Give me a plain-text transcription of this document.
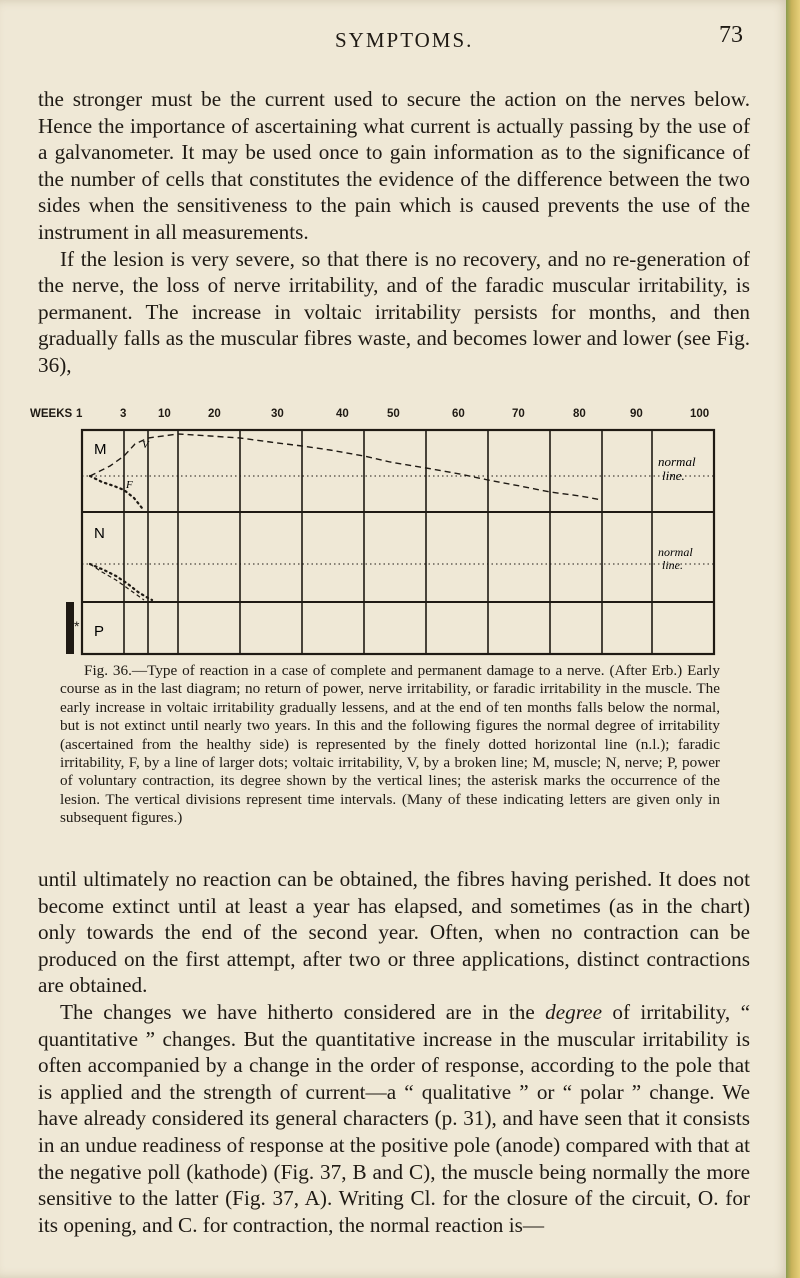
SYMPTOMS.	73

the stronger must be the current used to secure the action on the nerves below. Hence the importance of ascertaining what current is actually passing by the use of a galvanometer. It may be used once to gain information as to the significance of the number of cells that constitutes the evidence of the difference between the two sides when the sensitiveness to the pain which is caused prevents the use of the instrument in all measurements.

If the lesion is very severe, so that there is no recovery, and no re-generation of the nerve, the loss of nerve irritability, and of the faradic muscular irritability, is permanent. The increase in voltaic irritability persists for months, and then gradually falls as the muscular fibres waste, and becomes lower and lower (see Fig. 36),

WEEKS 1	3	10	20	30	40	50	60	70	80	90	100
*
M
N
P
V
F
normal line.
normal line.

Fig. 36.—Type of reaction in a case of complete and permanent damage to a nerve. (After Erb.) Early course as in the last diagram; no return of power, nerve irritability, or faradic irritability in the muscle. The early increase in voltaic irritability gradually lessens, and at the end of ten months falls below the normal, but is not extinct until nearly two years. In this and the following figures the normal degree of irritability (ascertained from the healthy side) is represented by the finely dotted horizontal line (n.l.); faradic irritability, F, by a line of larger dots; voltaic irritability, V, by a broken line; M, muscle; N, nerve; P, power of voluntary contraction, its degree shown by the vertical lines; the asterisk marks the occurrence of the lesion. The vertical divisions represent time intervals. (Many of these indicating letters are given only in subsequent figures.)

until ultimately no reaction can be obtained, the fibres having perished. It does not become extinct until at least a year has elapsed, and sometimes (as in the chart) only towards the end of the second year. Often, when no contraction can be produced on the first attempt, after two or three applications, distinct contractions are obtained.

The changes we have hitherto considered are in the degree of irritability, “ quantitative ” changes. But the quantitative increase in the muscular irritability is often accompanied by a change in the order of response, according to the pole that is applied and the strength of current—a “ qualitative ” or “ polar ” change. We have already considered its general characters (p. 31), and have seen that it consists in an undue readiness of response at the positive pole (anode) compared with that at the negative poll (kathode) (Fig. 37, B and C), the muscle being normally the more sensitive to the latter (Fig. 37, A). Writing Cl. for the closure of the circuit, O. for its opening, and C. for contraction, the normal reaction is—
